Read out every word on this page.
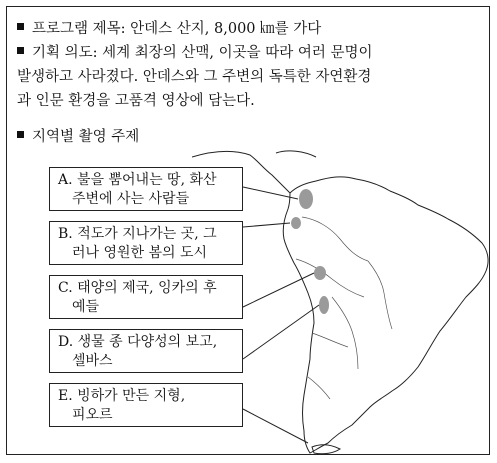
프로그램 제목: 안데스 산지, 8,000 ㎞를 가다
기획 의도: 세계 최장의 산맥, 이곳을 따라 여러 문명이
발생하고 사라졌다. 안데스와 그 주변의 독특한 자연환경
과 인문 환경을 고품격 영상에 담는다.
지역별 촬영 주제
A. 불을 뿜어내는 땅, 화산
주변에 사는 사람들
B. 적도가 지나가는 곳, 그
러나 영원한 봄의 도시
C. 태양의 제국, 잉카의 후
예들
D. 생물 종 다양성의 보고,
셀바스
E. 빙하가 만든 지형,
피오르
